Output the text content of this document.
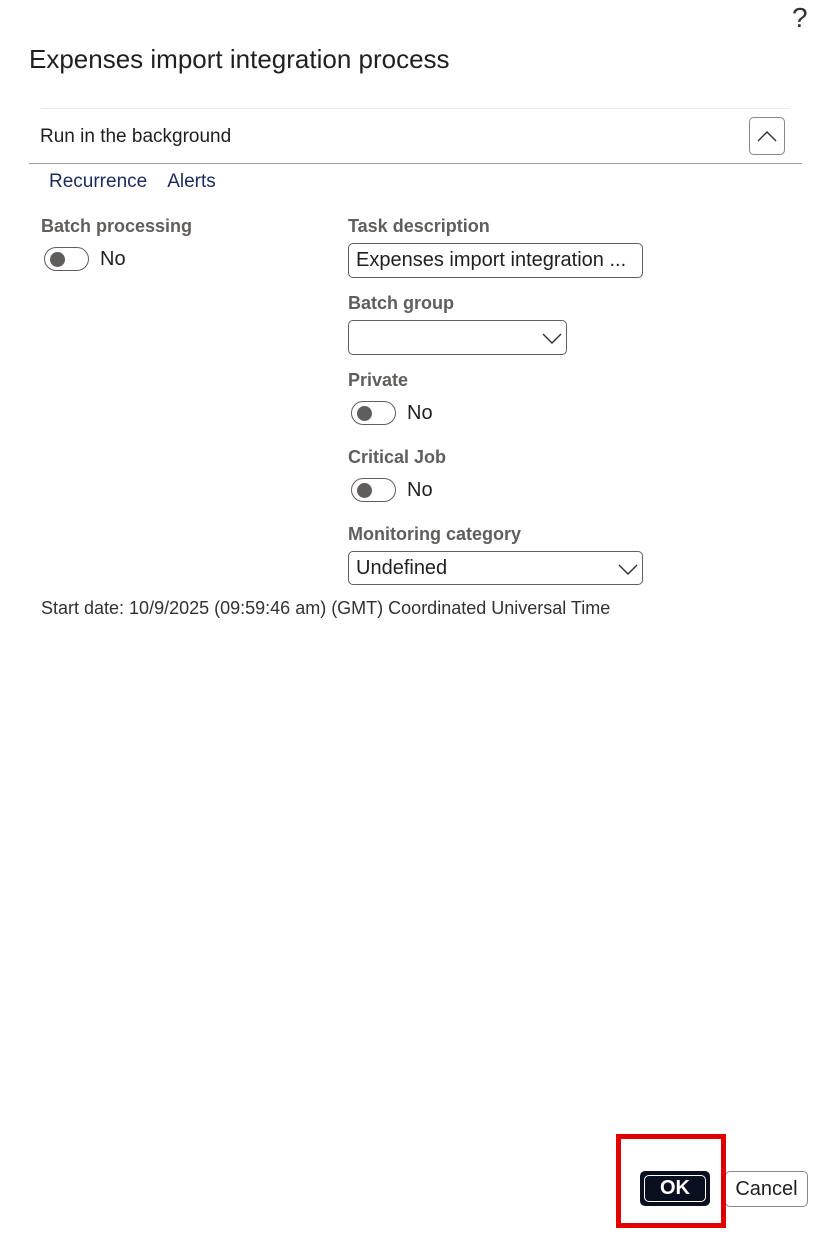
?
Expenses import integration process
Run in the background
Recurrence Alerts
Batch processing
No
Task description
Expenses import integration ...
Batch group
Private
No
Critical Job
No
Monitoring category
Undefined
Start date: 10/9/2025 (09:59:46 am) (GMT) Coordinated Universal Time
OK	Cancel
